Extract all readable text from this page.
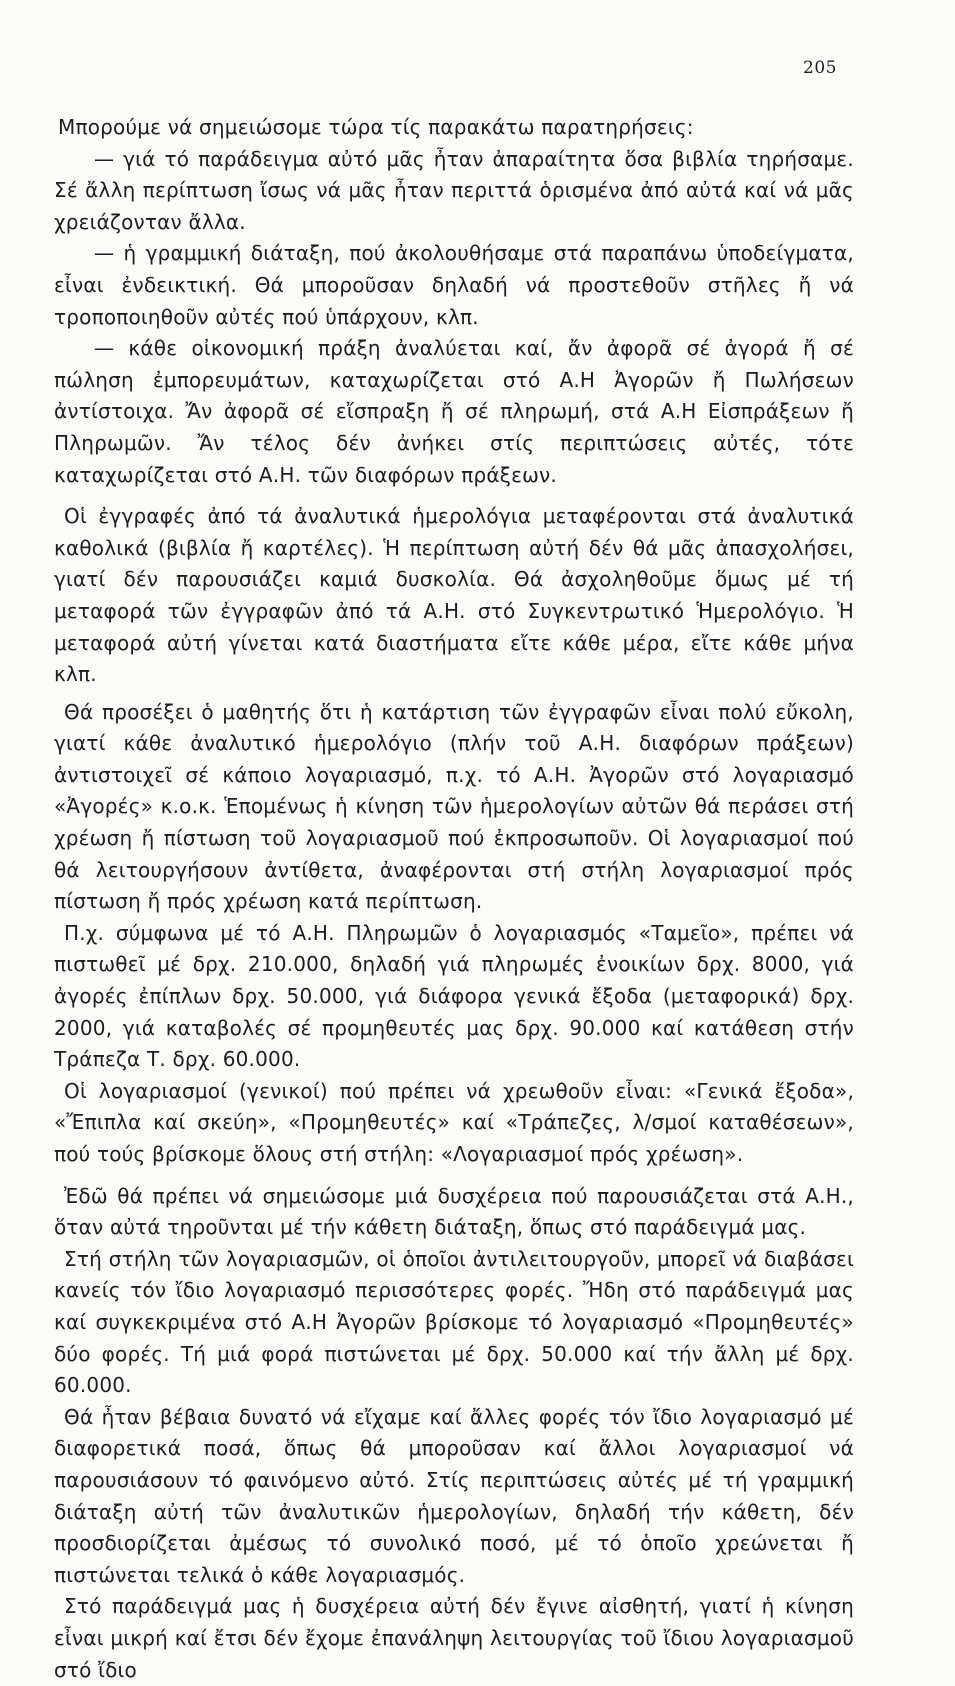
205

Μπορούμε νά σημειώσομε τώρα τίς παρακάτω παρατηρήσεις:

— γιά τό παράδειγμα αὐτό μᾶς ἦταν ἀπαραίτητα ὅσα βιβλία τηρήσαμε. Σέ ἄλλη περίπτωση ἴσως νά μᾶς ἦταν περιττά ὁρισμένα ἀπό αὐτά καί νά μᾶς χρειάζονταν ἄλλα.

— ἡ γραμμική διάταξη, πού ἀκολουθήσαμε στά παραπάνω ὑποδείγματα, εἶναι ἐνδεικτική. Θά μποροῦσαν δηλαδή νά προστεθοῦν στῆλες ἤ νά τροποποιηθοῦν αὐτές πού ὑπάρχουν, κλπ.

— κάθε οἰκονομική πράξη ἀναλύεται καί, ἄν ἀφορᾶ σέ ἀγορά ἤ σέ πώληση ἐμπορευμάτων, καταχωρίζεται στό Α.Η Ἀγορῶν ἤ Πωλήσεων ἀντίστοιχα. Ἄν ἀφορᾶ σέ εἴσπραξη ἤ σέ πληρωμή, στά Α.Η Εἰσπράξεων ἤ Πληρωμῶν. Ἄν τέλος δέν ἀνήκει στίς περιπτώσεις αὐτές, τότε καταχωρίζεται στό Α.Η. τῶν διαφόρων πράξεων.

Οἱ ἐγγραφές ἀπό τά ἀναλυτικά ἡμερολόγια μεταφέρονται στά ἀναλυτικά καθολικά (βιβλία ἤ καρτέλες). Ἡ περίπτωση αὐτή δέν θά μᾶς ἀπασχολήσει, γιατί δέν παρουσιάζει καμιά δυσκολία. Θά ἀσχοληθοῦμε ὅμως μέ τή μεταφορά τῶν ἐγγραφῶν ἀπό τά Α.Η. στό Συγκεντρωτικό Ἡμερολόγιο. Ἡ μεταφορά αὐτή γίνεται κατά διαστήματα εἴτε κάθε μέρα, εἴτε κάθε μήνα κλπ.

Θά προσέξει ὁ μαθητής ὅτι ἡ κατάρτιση τῶν ἐγγραφῶν εἶναι πολύ εὔκολη, γιατί κάθε ἀναλυτικό ἡμερολόγιο (πλήν τοῦ Α.Η. διαφόρων πράξεων) ἀντιστοιχεῖ σέ κάποιο λογαριασμό, π.χ. τό Α.Η. Ἀγορῶν στό λογαριασμό «Ἀγορές» κ.ο.κ. Ἑπομένως ἡ κίνηση τῶν ἡμερολογίων αὐτῶν θά περάσει στή χρέωση ἤ πίστωση τοῦ λογαριασμοῦ πού ἐκπροσωποῦν. Οἱ λογαριασμοί πού θά λειτουργήσουν ἀντίθετα, ἀναφέρονται στή στήλη λογαριασμοί πρός πίστωση ἤ πρός χρέωση κατά περίπτωση.

Π.χ. σύμφωνα μέ τό Α.Η. Πληρωμῶν ὁ λογαριασμός «Ταμεῖο», πρέπει νά πιστωθεῖ μέ δρχ. 210.000, δηλαδή γιά πληρωμές ἐνοικίων δρχ. 8000, γιά ἀγορές ἐπίπλων δρχ. 50.000, γιά διάφορα γενικά ἔξοδα (μεταφορικά) δρχ. 2000, γιά καταβολές σέ προμηθευτές μας δρχ. 90.000 καί κατάθεση στήν Τράπεζα Τ. δρχ. 60.000.

Οἱ λογαριασμοί (γενικοί) πού πρέπει νά χρεωθοῦν εἶναι: «Γενικά ἔξοδα», «Ἔπιπλα καί σκεύη», «Προμηθευτές» καί «Τράπεζες, λ/σμοί καταθέσεων», πού τούς βρίσκομε ὅλους στή στήλη: «Λογαριασμοί πρός χρέωση».

Ἐδῶ θά πρέπει νά σημειώσομε μιά δυσχέρεια πού παρουσιάζεται στά Α.Η., ὅταν αὐτά τηροῦνται μέ τήν κάθετη διάταξη, ὅπως στό παράδειγμά μας.

Στή στήλη τῶν λογαριασμῶν, οἱ ὁποῖοι ἀντιλειτουργοῦν, μπορεῖ νά διαβάσει κανείς τόν ἴδιο λογαριασμό περισσότερες φορές. Ἤδη στό παράδειγμά μας καί συγκεκριμένα στό Α.Η Ἀγορῶν βρίσκομε τό λογαριασμό «Προμηθευτές» δύο φορές. Τή μιά φορά πιστώνεται μέ δρχ. 50.000 καί τήν ἄλλη μέ δρχ. 60.000.

Θά ἦταν βέβαια δυνατό νά εἴχαμε καί ἄλλες φορές τόν ἴδιο λογαριασμό μέ διαφορετικά ποσά, ὅπως θά μποροῦσαν καί ἄλλοι λογαριασμοί νά παρουσιάσουν τό φαινόμενο αὐτό. Στίς περιπτώσεις αὐτές μέ τή γραμμική διάταξη αὐτή τῶν ἀναλυτικῶν ἡμερολογίων, δηλαδή τήν κάθετη, δέν προσδιορίζεται ἀμέσως τό συνολικό ποσό, μέ τό ὁποῖο χρεώνεται ἤ πιστώνεται τελικά ὁ κάθε λογαριασμός.

Στό παράδειγμά μας ἡ δυσχέρεια αὐτή δέν ἔγινε αἰσθητή, γιατί ἡ κίνηση εἶναι μικρή καί ἔτσι δέν ἔχομε ἐπανάληψη λειτουργίας τοῦ ἴδιου λογαριασμοῦ στό ἴδιο
